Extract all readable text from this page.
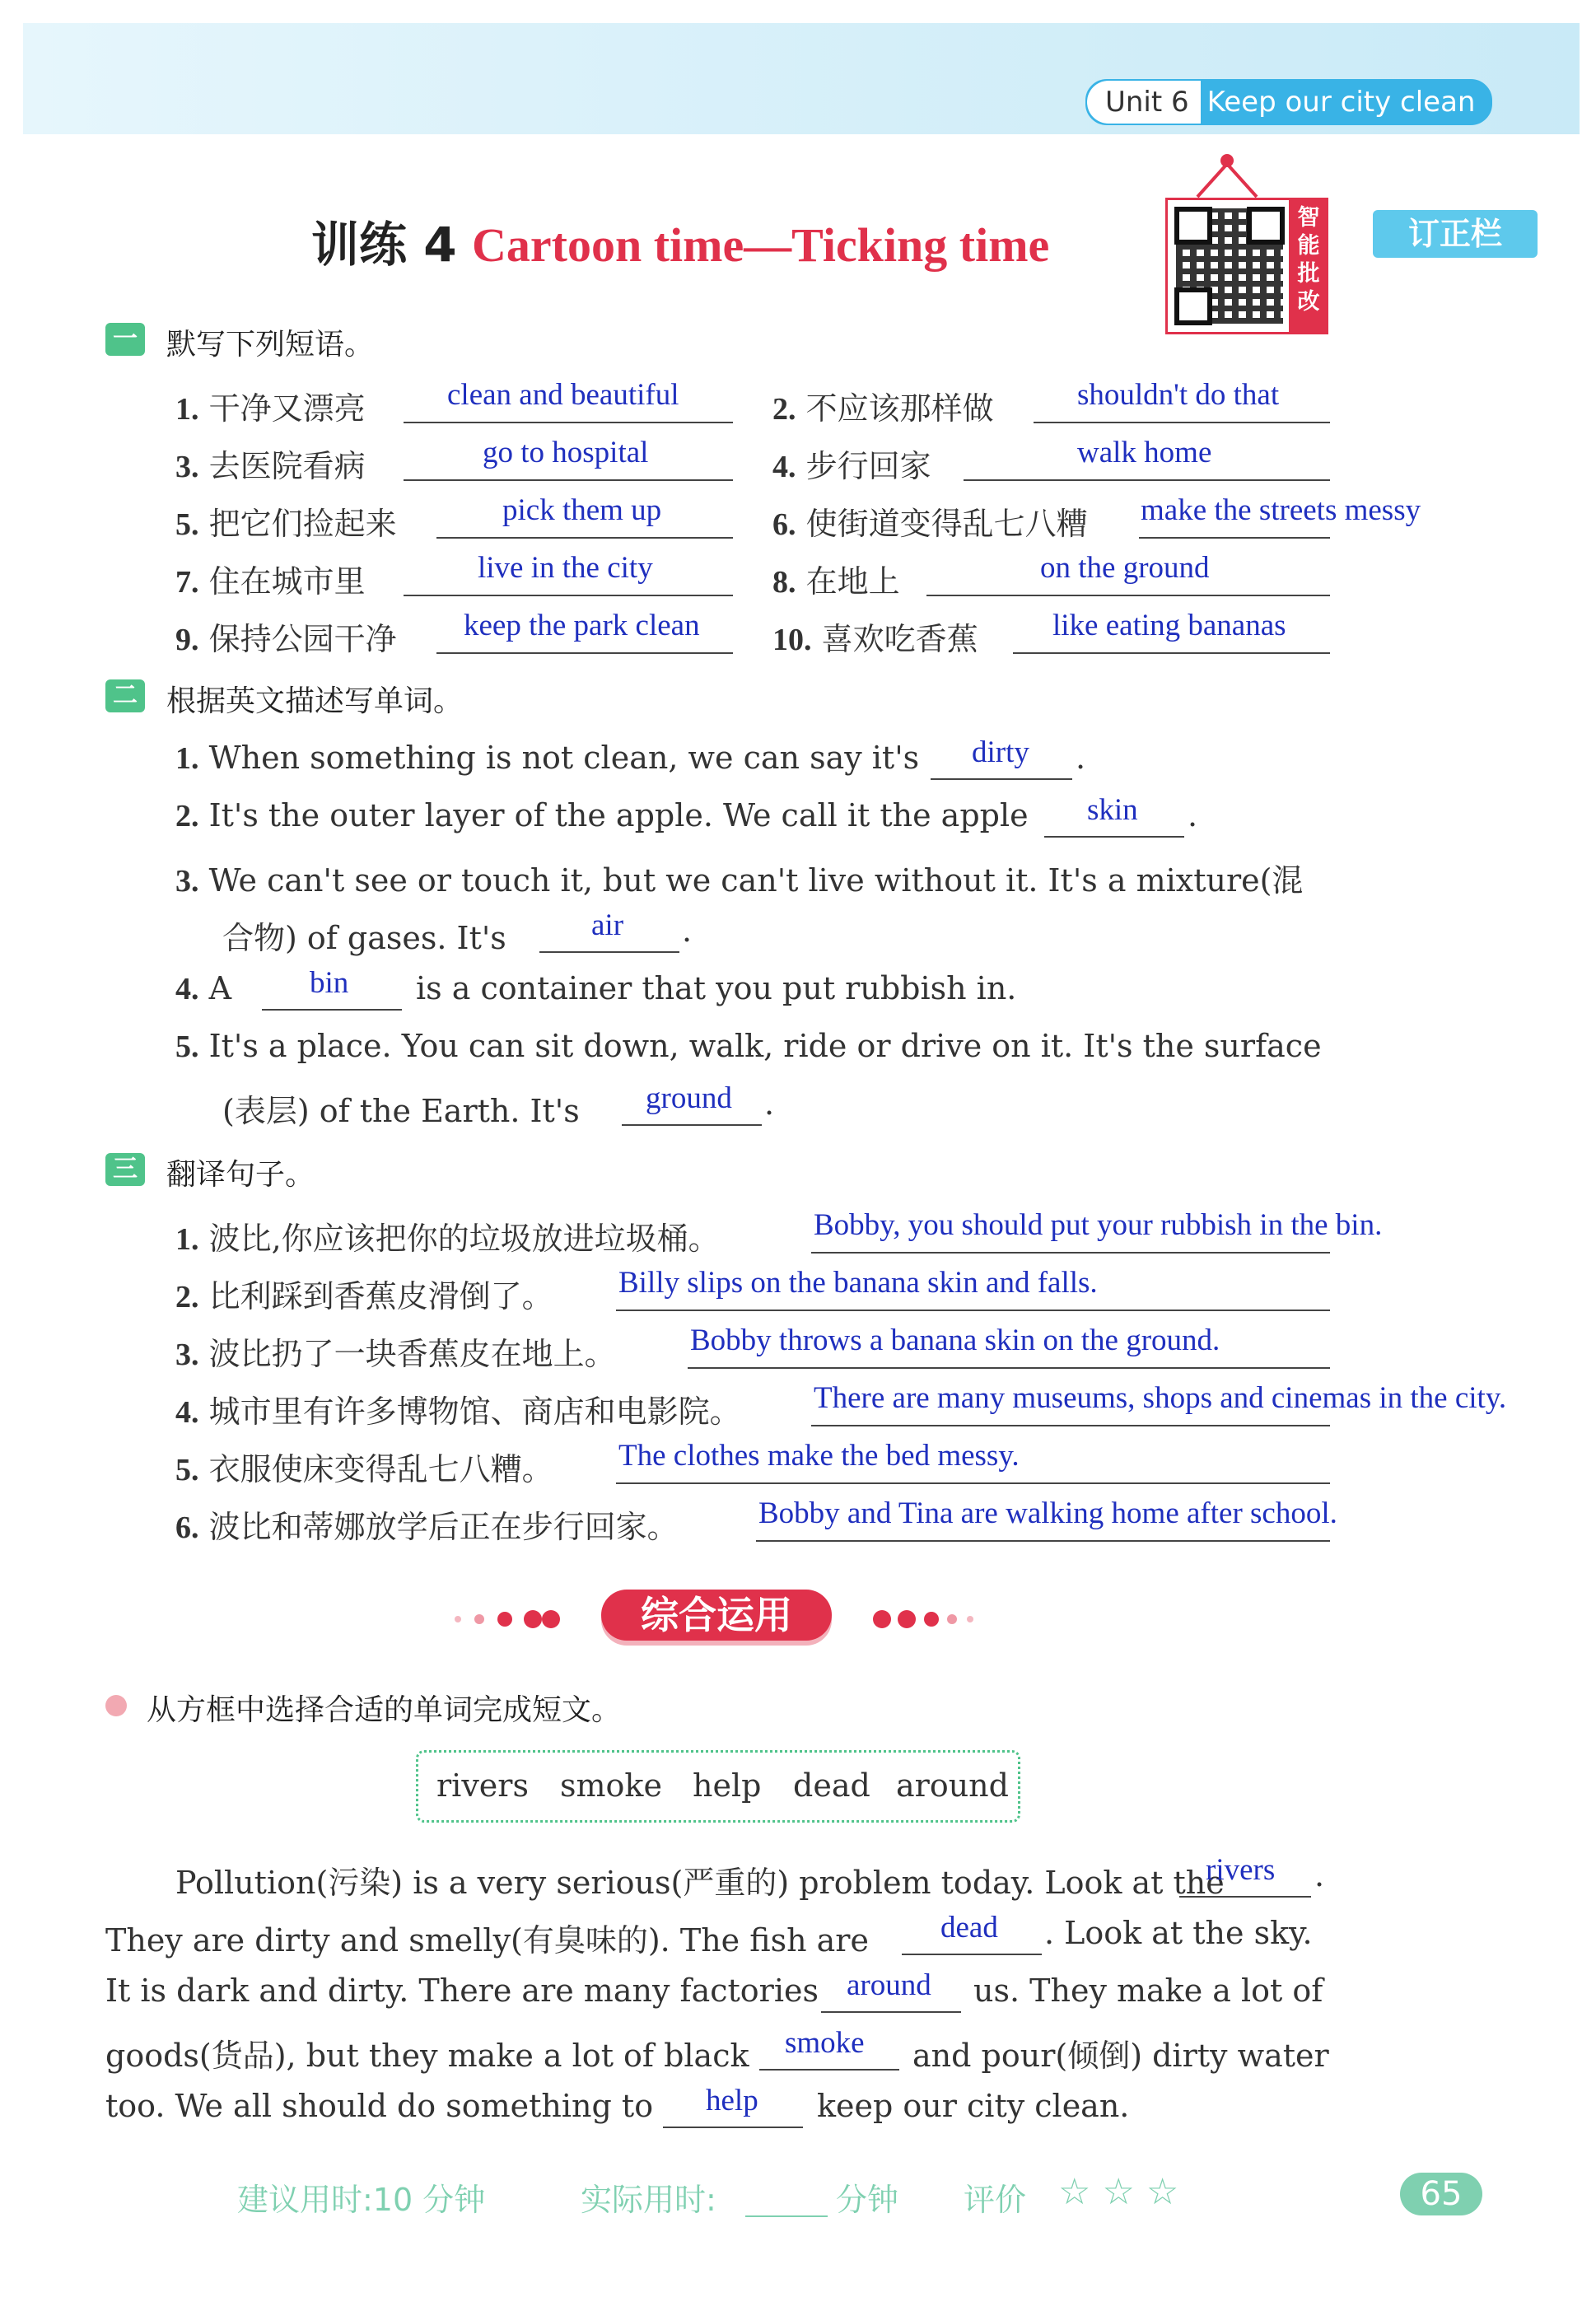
Unit 6 Keep our city clean
训练 4 Cartoon time—Ticking time
智
能
批
改
订正栏
一 默写下列短语。
1. 干净又漂亮	clean and beautiful	2. 不应该那样做	shouldn't do that
3. 去医院看病	go to hospital	4. 步行回家	walk home
5. 把它们捡起来	pick them up	6. 使街道变得乱七八糟 make the streets messy
7. 住在城市里	live in the city	8. 在地上	on the ground
9. 保持公园干净 keep the park clean 10. 喜欢吃香蕉 like eating bananas
二 根据英文描述写单词。
1. When something is not clean, we can say it's dirty .
2. It's the outer layer of the apple. We call it the apple skin .
3. We can't see or touch it, but we can't live without it. It's a mixture(混
合物) of gases. It's	air .
4. A	bin is a container that you put rubbish in.
5. It's a place. You can sit down, walk, ride or drive on it. It's the surface
(表层) of the Earth. It's ground .
三 翻译句子。
1. 波比,你应该把你的垃圾放进垃圾桶。	Bobby, you should put your rubbish in the bin.
2. 比利踩到香蕉皮滑倒了。 Billy slips on the banana skin and falls.
3. 波比扔了一块香蕉皮在地上。 Bobby throws a banana skin on the ground.
4. 城市里有许多博物馆、商店和电影院。 There are many museums, shops and cinemas in the city.
5. 衣服使床变得乱七八糟。 The clothes make the bed messy.
6. 波比和蒂娜放学后正在步行回家。	Bobby and Tina are walking home after school.
综合运用
从方框中选择合适的单词完成短文。
rivers smoke help dead around
Pollution(污染) is a very serious(严重的) problem today. Look at the
rivers .
They are dirty and smelly(有臭味的). The fish are dead . Look at the sky.
It is dark and dirty. There are many factories around us. They make a lot of
goods(货品), but they make a lot of black smoke and pour(倾倒) dirty water
too. We all should do something to help keep our city clean.
建议用时:10 分钟	实际用时:	分钟 评价 ☆ ☆ ☆	65
